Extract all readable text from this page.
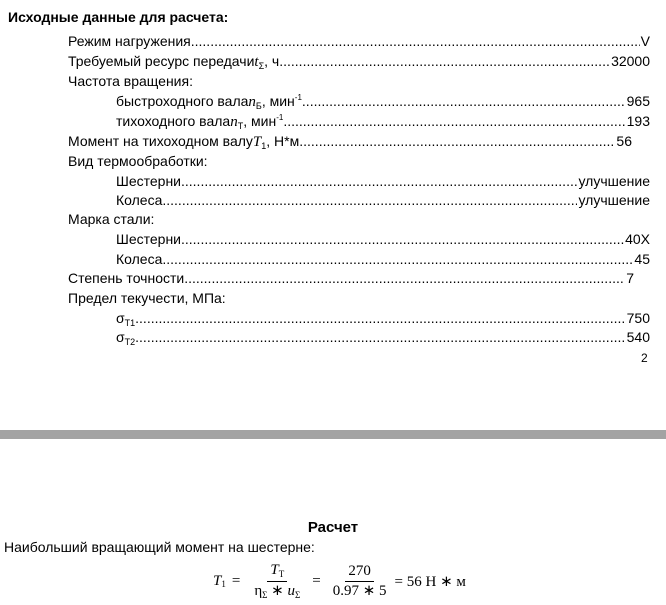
Исходные данные для расчета:
Режим нагружения .....	V
Требуемый ресурс передачи t Σ , ч .....	32000
Частота вращения:
быстроходного вала n Б , мин -1 .....	965
тихоходного вала n T , мин -1 .....	193
Момент на тихоходном валу T 1 , Н*м .....	56
Вид термообработки:
Шестерни .....	улучшение
Колеса .....	улучшение
Марка стали:
Шестерни .....	40Х
Колеса .....	45
Степень точности .....	7
Предел текучести, МПа:
σ T1 .....	750
σ T2 .....	540
2
Расчет
Наибольший вращающий момент на шестерне:
T $1 = \frac{T_T}{\eta_\Sigma ∗ u_\Sigma} = \frac{270}{0.97 ∗ 5} = 56$ Н ∗ м
